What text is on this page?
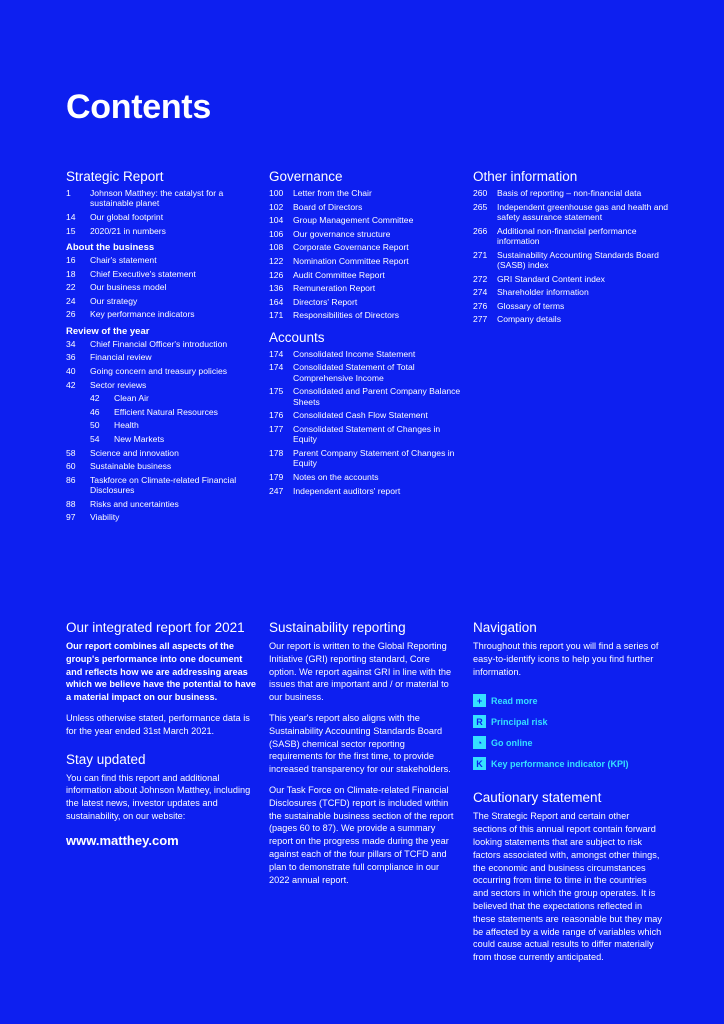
Contents
Strategic Report
1	Johnson Matthey: the catalyst for a sustainable planet
14	Our global footprint
15	2020/21 in numbers
About the business
16	Chair's statement
18	Chief Executive's statement
22	Our business model
24	Our strategy
26	Key performance indicators
Review of the year
34	Chief Financial Officer's introduction
36	Financial review
40	Going concern and treasury policies
42	Sector reviews
42	Clean Air
46	Efficient Natural Resources
50	Health
54	New Markets
58	Science and innovation
60	Sustainable business
86	Taskforce on Climate-related Financial Disclosures
88	Risks and uncertainties
97	Viability
Governance
100	Letter from the Chair
102	Board of Directors
104	Group Management Committee
106	Our governance structure
108	Corporate Governance Report
122	Nomination Committee Report
126	Audit Committee Report
136	Remuneration Report
164	Directors' Report
171	Responsibilities of Directors
Accounts
174	Consolidated Income Statement
174	Consolidated Statement of Total Comprehensive Income
175	Consolidated and Parent Company Balance Sheets
176	Consolidated Cash Flow Statement
177	Consolidated Statement of Changes in Equity
178	Parent Company Statement of Changes in Equity
179	Notes on the accounts
247	Independent auditors' report
Other information
260	Basis of reporting – non-financial data
265	Independent greenhouse gas and health and safety assurance statement
266	Additional non-financial performance information
271	Sustainability Accounting Standards Board (SASB) index
272	GRI Standard Content index
274	Shareholder information
276	Glossary of terms
277	Company details
Our integrated report for 2021

Our report combines all aspects of the group's performance into one document and reflects how we are addressing areas which we believe have the potential to have a material impact on our business.

Unless otherwise stated, performance data is for the year ended 31st March 2021.

Stay updated

You can find this report and additional information about Johnson Matthey, including the latest news, investor updates and sustainability, on our website:

www.matthey.com
Sustainability reporting

Our report is written to the Global Reporting Initiative (GRI) reporting standard, Core option. We report against GRI in line with the issues that are important and / or material to our business.

This year's report also aligns with the Sustainability Accounting Standards Board (SASB) chemical sector reporting requirements for the first time, to provide increased transparency for our stakeholders.

Our Task Force on Climate-related Financial Disclosures (TCFD) report is included within the sustainable business section of the report (pages 60 to 87). We provide a summary report on the progress made during the year against each of the four pillars of TCFD and plan to demonstrate full compliance in our 2022 annual report.

Navigation

Throughout this report you will find a series of easy-to-identify icons to help you find further information.

+ Read more
R Principal risk
◔ Go online
K Key performance indicator (KPI)
Cautionary statement

The Strategic Report and certain other sections of this annual report contain forward looking statements that are subject to risk factors associated with, amongst other things, the economic and business circumstances occurring from time to time in the countries and sectors in which the group operates. It is believed that the expectations reflected in these statements are reasonable but they may be affected by a wide range of variables which could cause actual results to differ materially from those currently anticipated.
